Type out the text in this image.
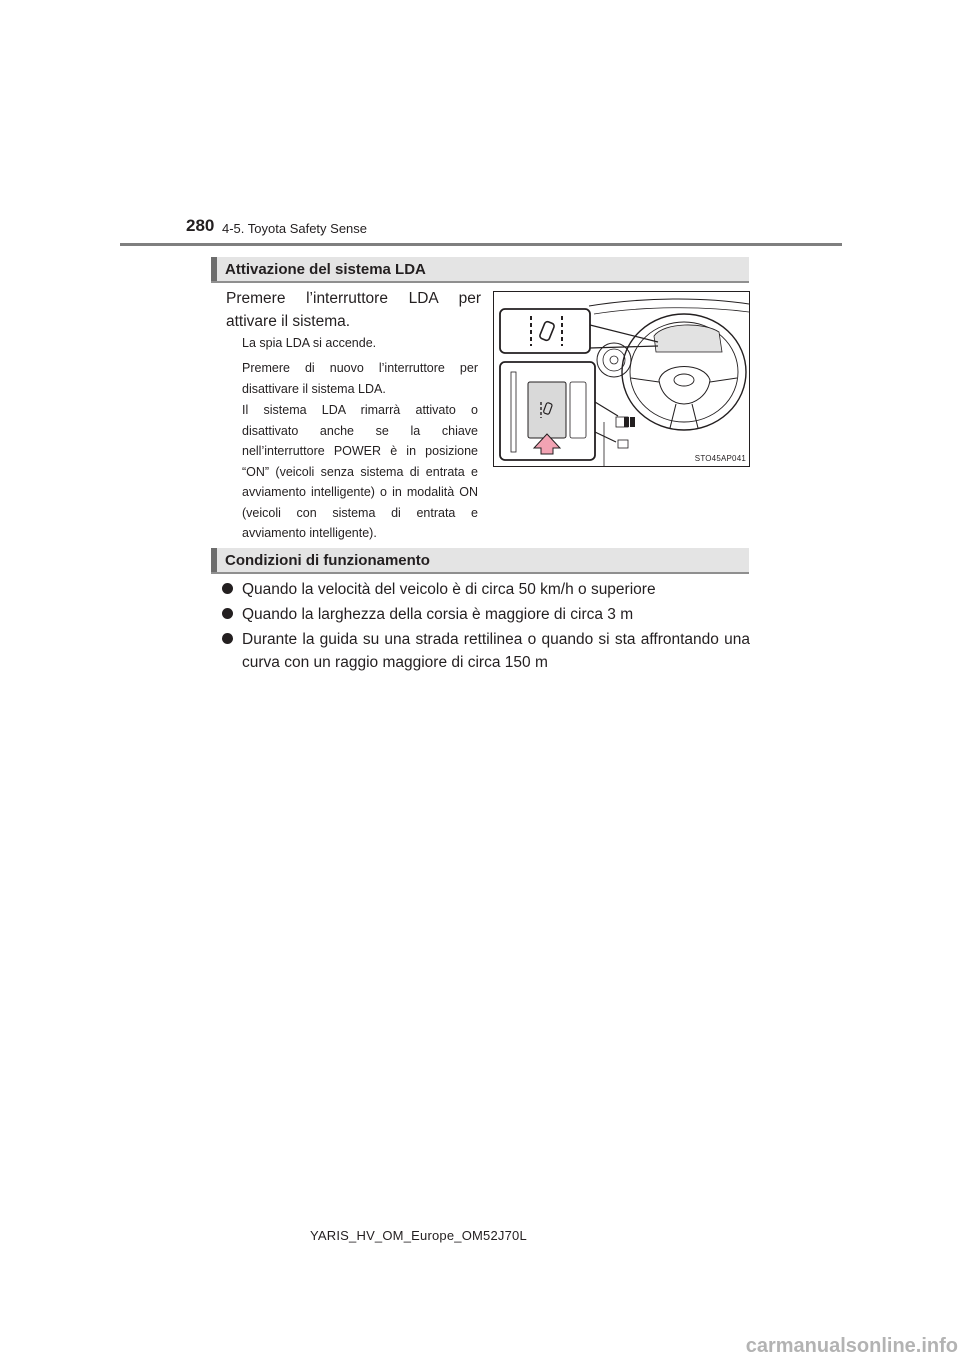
280 4-5. Toyota Safety Sense
Attivazione del sistema LDA
Premere l’interruttore LDA per
attivare il sistema.
La spia LDA si accende.
Premere di nuovo l’interruttore per disattivare il sistema LDA.
Il sistema LDA rimarrà attivato o disattivato anche se la chiave nell’interruttore POWER è in posizione “ON” (veicoli senza sistema di entrata e avviamento intelligente) o in modalità ON (veicoli con sistema di entrata e avviamento intelligente).
STO45AP041
Condizioni di funzionamento
Quando la velocità del veicolo è di circa 50 km/h o superiore
Quando la larghezza della corsia è maggiore di circa 3 m
Durante la guida su una strada rettilinea o quando si sta affrontando una curva con un raggio maggiore di circa 150 m
YARIS_HV_OM_Europe_OM52J70L
carmanualsonline.info
